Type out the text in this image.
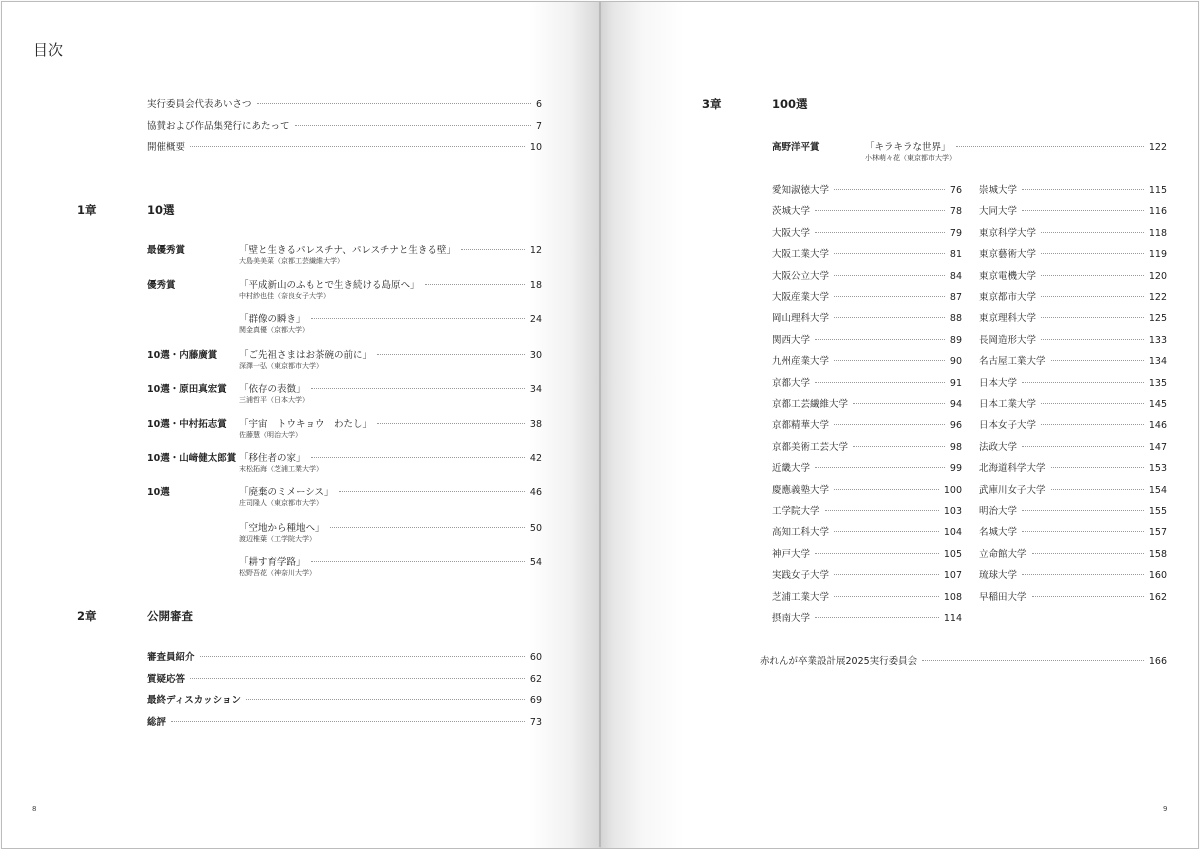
目次
実行委員会代表あいさつ	6
協賛および作品集発行にあたって	7
開催概要	10
1章	10選
最優秀賞	「壁と生きるパレスチナ、パレスチナと生きる壁」	12
大島美美菜（京都工芸繊維大学）
優秀賞	「平成新山のふもとで生き続ける島原へ」	18
中村紗也佳（奈良女子大学）
「群像の瞬き」	24
関金真優（京都大学）
10選・内藤廣賞 「ご先祖さまはお茶碗の前に」	30
深澤一弘（東京都市大学）
10選・原田真宏賞 「依存の表徴」	34
三浦哲平（日本大学）
10選・中村拓志賞 「宇宙　トウキョウ　わたし」	38
佐藤慧（明治大学）
10選・山﨑健太郎賞 「移住者の家」	42
末松拓海（芝浦工業大学）
10選	「廃棄のミメーシス」	46
庄司隆人（東京都市大学）
「空地から種地へ」	50
渡辺椎葉（工学院大学）
「耕す育学路」	54
松野吾花（神奈川大学）
2章	公開審査
審査員紹介	60
質疑応答	62
最終ディスカッション	69
総評	73
8
3章	100選
高野洋平賞	「キラキラな世界」	122
小林萌々花（東京都市大学）
愛知淑徳大学	76
茨城大学	78
大阪大学	79
大阪工業大学	81
大阪公立大学	84
大阪産業大学	87
岡山理科大学	88
関西大学	89
九州産業大学	90
京都大学	91
京都工芸繊維大学	94
京都精華大学	96
京都美術工芸大学	98
近畿大学	99
慶應義塾大学	100
工学院大学	103
高知工科大学	104
神戸大学	105
実践女子大学	107
芝浦工業大学	108
摂南大学	114
崇城大学	115
大同大学	116
東京科学大学	118
東京藝術大学	119
東京電機大学	120
東京都市大学	122
東京理科大学	125
長岡造形大学	133
名古屋工業大学	134
日本大学	135
日本工業大学	145
日本女子大学	146
法政大学	147
北海道科学大学	153
武庫川女子大学	154
明治大学	155
名城大学	157
立命館大学	158
琉球大学	160
早稲田大学	162
赤れんが卒業設計展2025実行委員会	166
9
